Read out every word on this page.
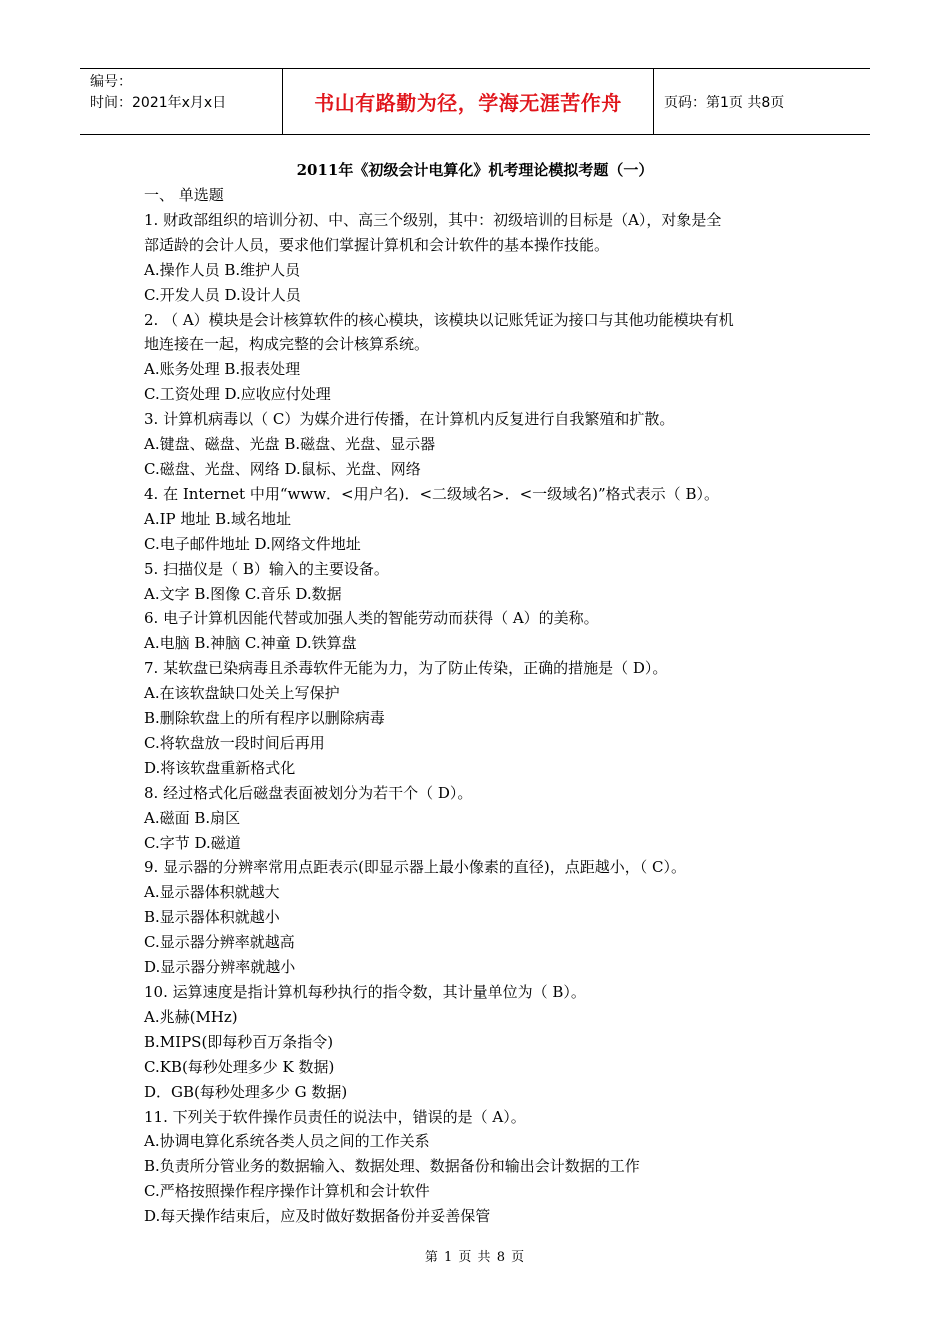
编号：
时间：2021年x月x日	书山有路勤为径，学海无涯苦作舟	页码：第1页 共8页
2011年《初级会计电算化》机考理论模拟考题（一）
一、 单选题
1. 财政部组织的培训分初、中、高三个级别，其中：初级培训的目标是（A），对象是全
部适龄的会计人员，要求他们掌握计算机和会计软件的基本操作技能。
A.操作人员 B.维护人员
C.开发人员 D.设计人员
2. （ A）模块是会计核算软件的核心模块，该模块以记账凭证为接口与其他功能模块有机
地连接在一起，构成完整的会计核算系统。
A.账务处理 B.报表处理
C.工资处理 D.应收应付处理
3. 计算机病毒以（ C）为媒介进行传播，在计算机内反复进行自我繁殖和扩散。
A.键盘、磁盘、光盘 B.磁盘、光盘、显示器
C.磁盘、光盘、网络 D.鼠标、光盘、网络
4. 在 Internet 中用“www．<用户名)．<二级域名>．<一级域名)”格式表示（ B）。
A.IP 地址 B.域名地址
C.电子邮件地址 D.网络文件地址
5. 扫描仪是（ B）输入的主要设备。
A.文字 B.图像 C.音乐 D.数据
6. 电子计算机因能代替或加强人类的智能劳动而获得（ A）的美称。
A.电脑 B.神脑 C.神童 D.铁算盘
7. 某软盘已染病毒且杀毒软件无能为力，为了防止传染，正确的措施是（ D）。
A.在该软盘缺口处关上写保护
B.删除软盘上的所有程序以删除病毒
C.将软盘放一段时间后再用
D.将该软盘重新格式化
8. 经过格式化后磁盘表面被划分为若干个（ D）。
A.磁面 B.扇区
C.字节 D.磁道
9. 显示器的分辨率常用点距表示(即显示器上最小像素的直径)，点距越小，（ C）。
A.显示器体积就越大
B.显示器体积就越小
C.显示器分辨率就越高
D.显示器分辨率就越小
10. 运算速度是指计算机每秒执行的指令数，其计量单位为（ B）。
A.兆赫(MHz)
B.MIPS(即每秒百万条指令)
C.KB(每秒处理多少 K 数据)
D．GB(每秒处理多少 G 数据)
11. 下列关于软件操作员责任的说法中，错误的是（ A）。
A.协调电算化系统各类人员之间的工作关系
B.负责所分管业务的数据输入、数据处理、数据备份和输出会计数据的工作
C.严格按照操作程序操作计算机和会计软件
D.每天操作结束后，应及时做好数据备份并妥善保管
第 1 页 共 8 页
